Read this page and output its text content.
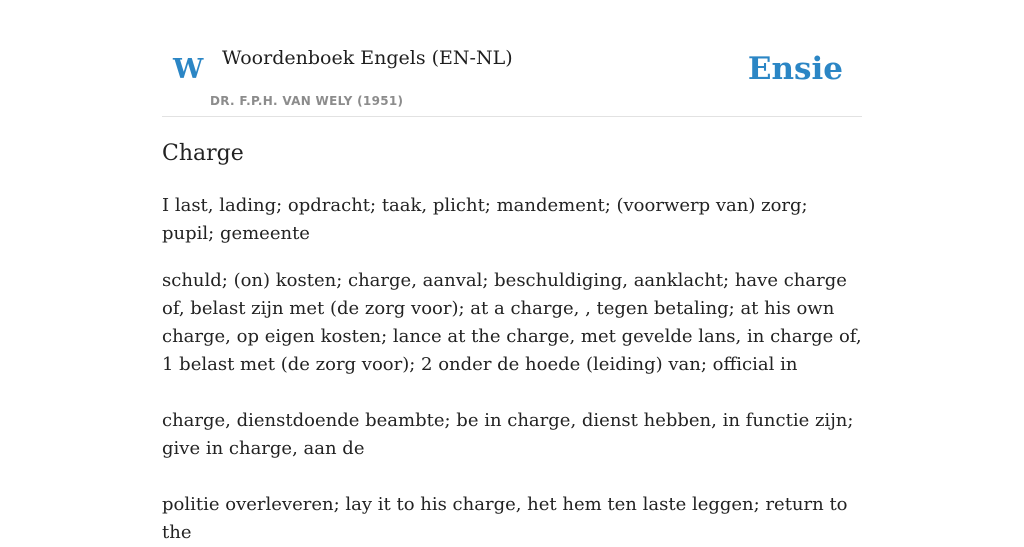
W Woordenboek Engels (EN-NL)
DR. F.P.H. VAN WELY (1951)
Ensie
Charge

I last, lading; opdracht; taak, plicht; mandement; (voorwerp van) zorg; pupil; gemeente

schuld; (on) kosten; charge, aanval; beschuldiging, aanklacht; have charge of, belast zijn met (de zorg voor); at a charge, , tegen betaling; at his own charge, op eigen kosten; lance at the charge, met gevelde lans, in charge of, 1 belast met (de zorg voor); 2 onder de hoede (leiding) van; official in

charge, dienstdoende beambte; be in charge, dienst hebben, in functie zijn; give in charge, aan de

politie overleveren; lay it to his charge, het hem ten laste leggen; return to the
